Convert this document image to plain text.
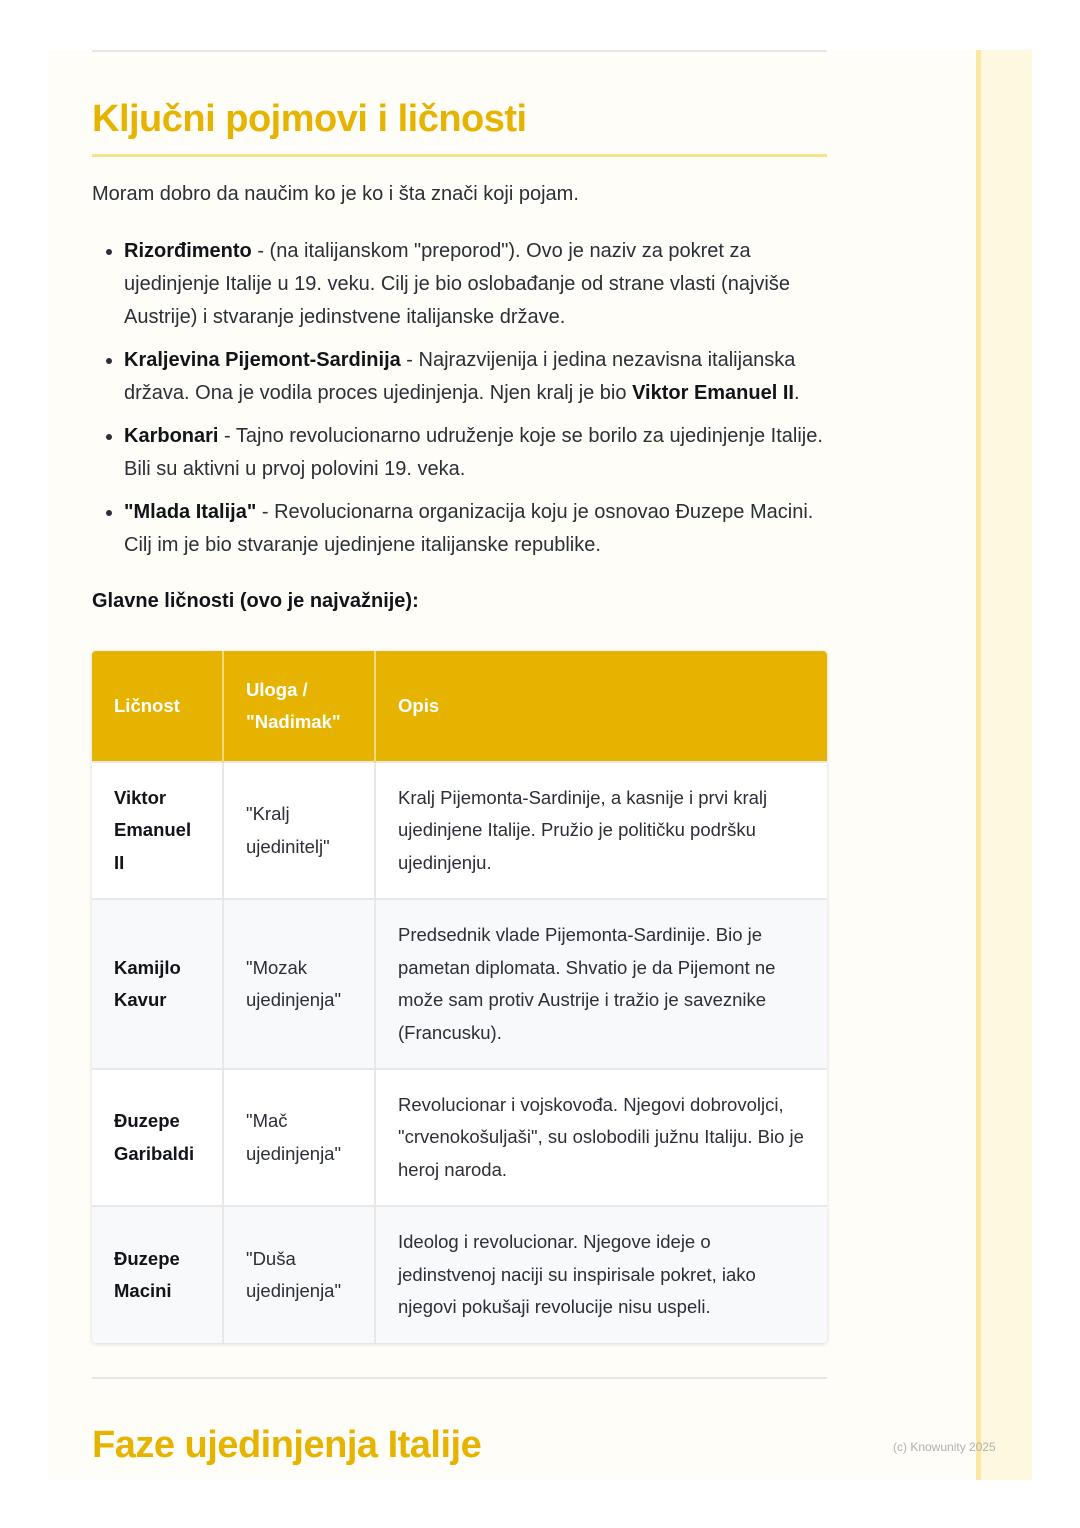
Ključni pojmovi i ličnosti

Moram dobro da naučim ko je ko i šta znači koji pojam.

• Rizorđimento - (na italijanskom "preporod"). Ovo je naziv za pokret za ujedinjenje Italije u 19. veku. Cilj je bio oslobađanje od strane vlasti (najviše Austrije) i stvaranje jedinstvene italijanske države.
• Kraljevina Pijemont-Sardinija - Najrazvijenija i jedina nezavisna italijanska država. Ona je vodila proces ujedinjenja. Njen kralj je bio Viktor Emanuel II.
• Karbonari - Tajno revolucionarno udruženje koje se borilo za ujedinjenje Italije. Bili su aktivni u prvoj polovini 19. veka.
• "Mlada Italija" - Revolucionarna organizacija koju je osnovao Đuzepe Macini. Cilj im je bio stvaranje ujedinjene italijanske republike.
Glavne ličnosti (ovo je najvažnije):
Ličnost	Uloga / "Nadimak"	Opis
Viktor Emanuel II	"Kralj ujedinitelj"	Kralj Pijemonta-Sardinije, a kasnije i prvi kralj ujedinjene Italije. Pružio je političku podršku ujedinjenju.
Kamijlo Kavur	"Mozak ujedinjenja"	Predsednik vlade Pijemonta-Sardinije. Bio je pametan diplomata. Shvatio je da Pijemont ne može sam protiv Austrije i tražio je saveznike (Francusku).
Đuzepe Garibaldi	"Mač ujedinjenja"	Revolucionar i vojskovođa. Njegovi dobrovoljci, "crvenokošuljaši", su oslobodili južnu Italiju. Bio je heroj naroda.
Đuzepe Macini	"Duša ujedinjenja"	Ideolog i revolucionar. Njegove ideje o jedinstvenoj naciji su inspirisale pokret, iako njegovi pokušaji revolucije nisu uspeli.
Faze ujedinjenja Italije	(c) Knowunity 2025
